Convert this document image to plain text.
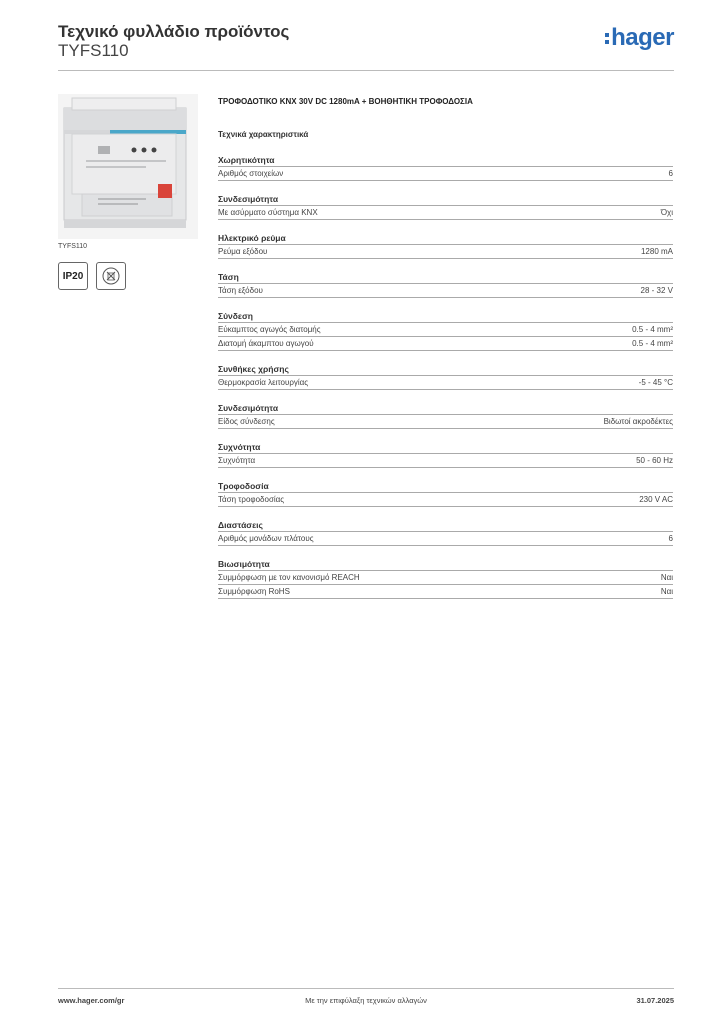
Τεχνικό φυλλάδιο προϊόντος
TYFS110	hager
TYFS110
IP20
ΤΡΟΦΟΔΟΤΙΚΟ KNX 30V DC 1280mA + ΒΟΗΘΗΤΙΚΗ ΤΡΟΦΟΔΟΣΙΑ
Τεχνικά χαρακτηριστικά
Χωρητικότητα
Αριθμός στοιχείων	6
Συνδεσιμότητα
Με ασύρματο σύστημα KNX	Όχι
Ηλεκτρικό ρεύμα
Ρεύμα εξόδου	1280 mA
Τάση
Τάση εξόδου	28 - 32 V
Σύνδεση
Εύκαμπτος αγωγός διατομής	0.5 - 4 mm²
Διατομή άκαμπτου αγωγού	0.5 - 4 mm²
Συνθήκες χρήσης
Θερμοκρασία λειτουργίας	-5 - 45 °C
Συνδεσιμότητα
Είδος σύνδεσης	Βιδωτοί ακροδέκτες
Συχνότητα
Συχνότητα	50 - 60 Hz
Τροφοδοσία
Τάση τροφοδοσίας	230 V AC
Διαστάσεις
Αριθμός μονάδων πλάτους	6
Βιωσιμότητα
Συμμόρφωση με τον κανονισμό REACH	Ναι
Συμμόρφωση RoHS	Ναι
www.hager.com/gr	Με την επιφύλαξη τεχνικών αλλαγών	31.07.2025
